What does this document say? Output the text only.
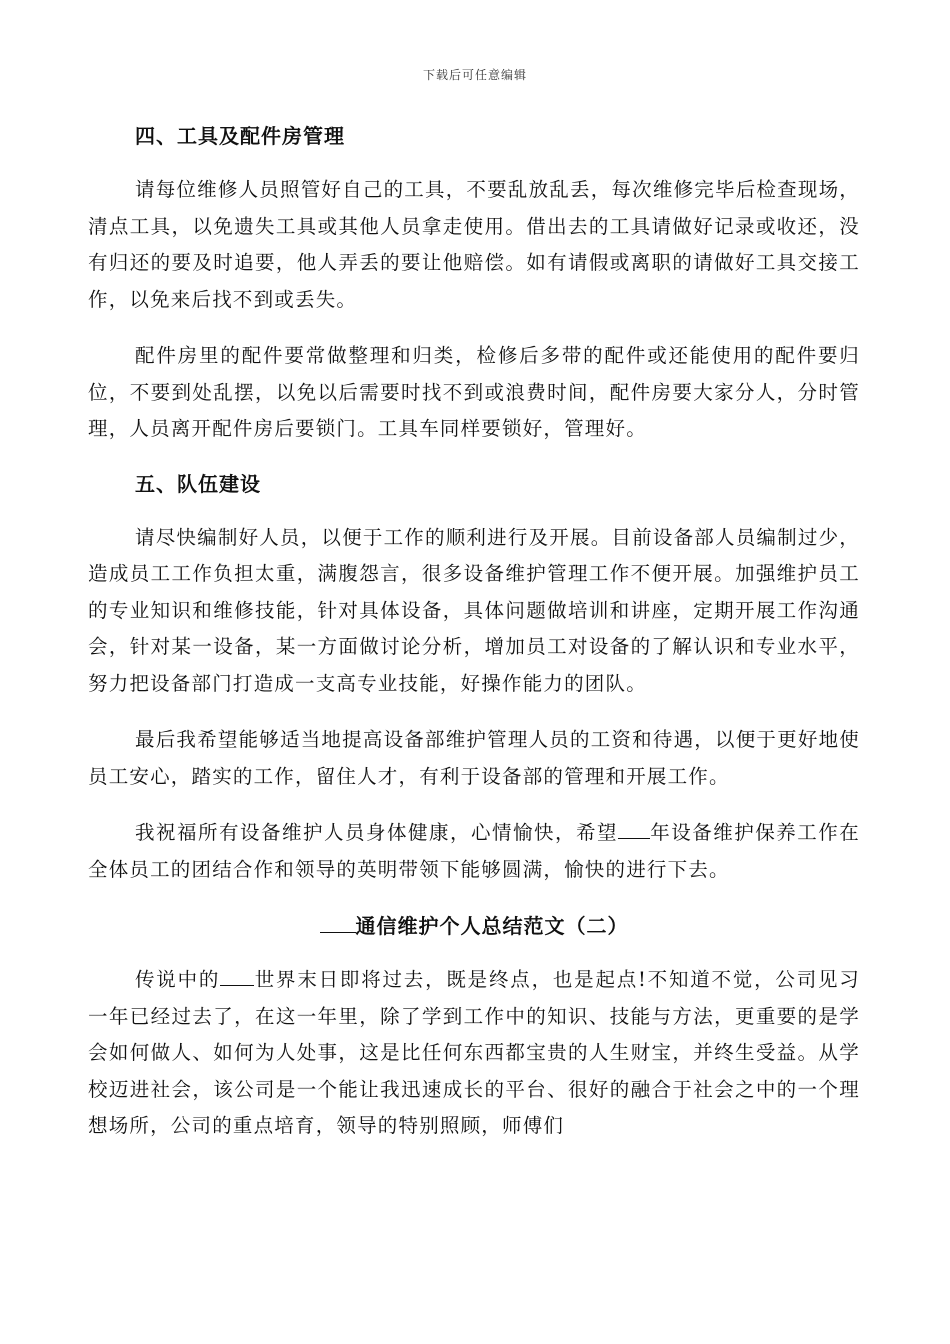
下载后可任意编辑

四、工具及配件房管理

请每位维修人员照管好自己的工具，不要乱放乱丢，每次维修完毕后检查现场，清点工具，以免遗失工具或其他人员拿走使用。借出去的工具请做好记录或收还，没有归还的要及时追要，他人弄丢的要让他赔偿。如有请假或离职的请做好工具交接工作，以免来后找不到或丢失。

配件房里的配件要常做整理和归类，检修后多带的配件或还能使用的配件要归位，不要到处乱摆，以免以后需要时找不到或浪费时间，配件房要大家分人，分时管理，人员离开配件房后要锁门。工具车同样要锁好，管理好。

五、队伍建设

请尽快编制好人员，以便于工作的顺利进行及开展。目前设备部人员编制过少，造成员工工作负担太重，满腹怨言，很多设备维护管理工作不便开展。加强维护员工的专业知识和维修技能，针对具体设备，具体问题做培训和讲座，定期开展工作沟通会，针对某一设备，某一方面做讨论分析，增加员工对设备的了解认识和专业水平，努力把设备部门打造成一支高专业技能，好操作能力的团队。

最后我希望能够适当地提高设备部维护管理人员的工资和待遇，以便于更好地使员工安心，踏实的工作，留住人才，有利于设备部的管理和开展工作。

我祝福所有设备维护人员身体健康，心情愉快，希望 年设备维护保养工作在全体员工的团结合作和领导的英明带领下能够圆满，愉快的进行下去。

通信维护个人总结范文（二）

传说中的 世界末日即将过去，既是终点，也是起点!不知道不觉，公司见习一年已经过去了，在这一年里，除了学到工作中的知识、技能与方法，更重要的是学会如何做人、如何为人处事，这是比任何东西都宝贵的人生财宝，并终生受益。从学校迈进社会，该公司是一个能让我迅速成长的平台、很好的融合于社会之中的一个理想场所，公司的重点培育，领导的特别照顾，师傅们
